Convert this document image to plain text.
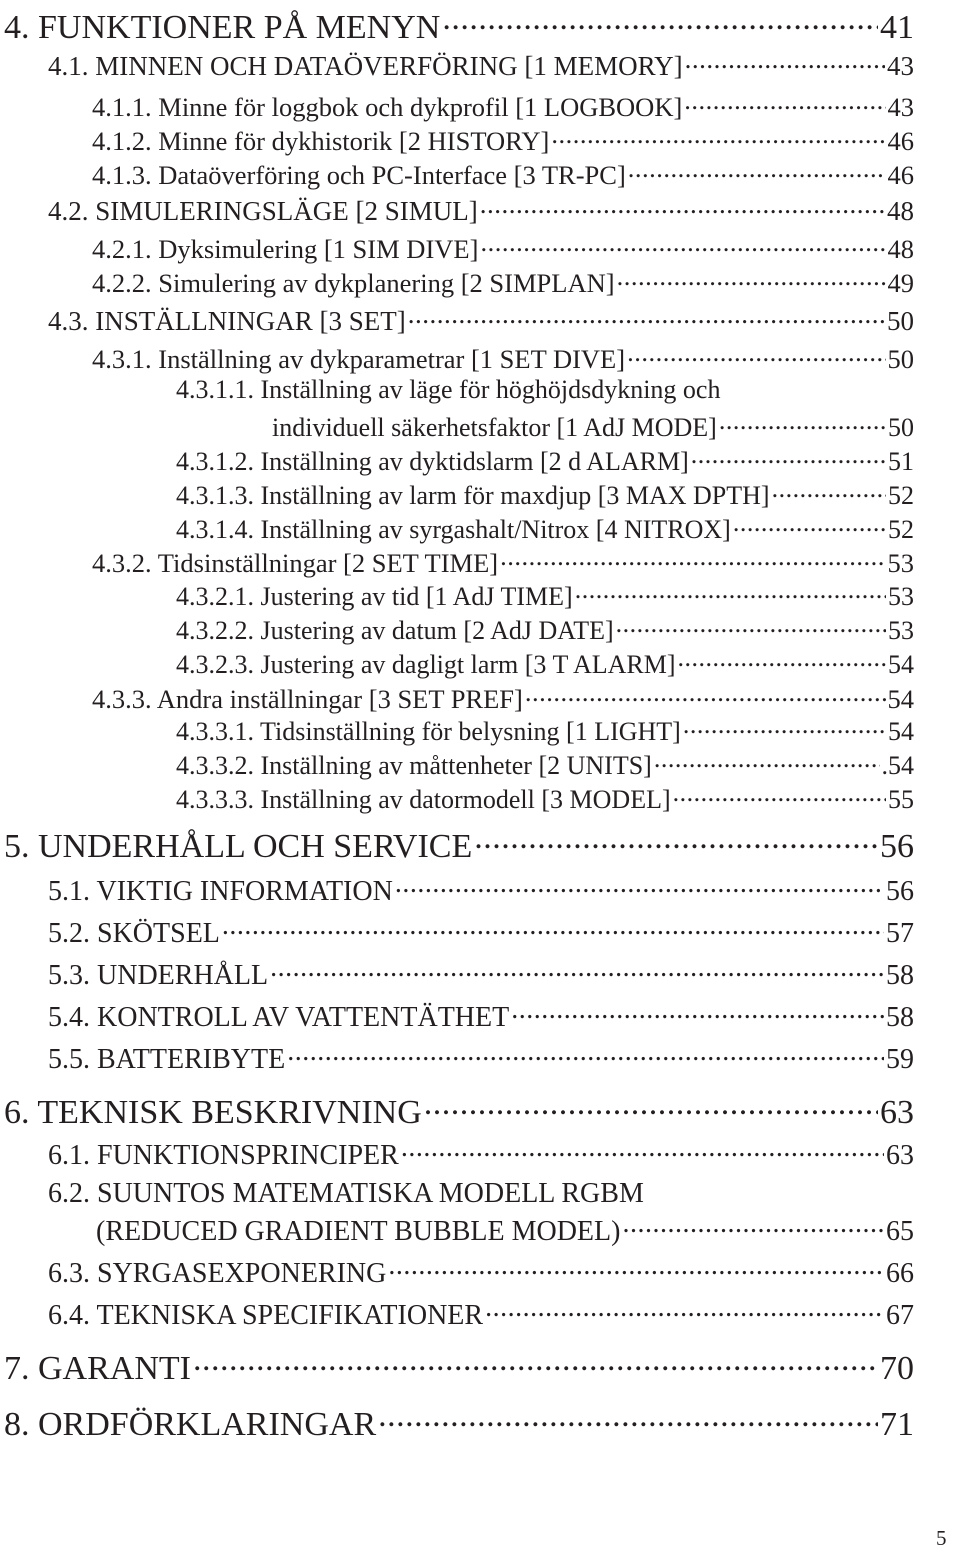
4. FUNKTIONER PÅ MENYN .....	41
4.1. MINNEN OCH DATAÖVERFÖRING [1 MEMORY] .....	43
4.1.1. Minne för loggbok och dykprofil [1 LOGBOOK] .....	43
4.1.2. Minne för dykhistorik [2 HISTORY] .....	46
4.1.3. Dataöverföring och PC-Interface [3 TR-PC] .....	46
4.2. SIMULERINGSLÄGE [2 SIMUL] .....	48
4.2.1. Dyksimulering [1 SIM DIVE] .....	48
4.2.2. Simulering av dykplanering [2 SIMPLAN] .....	49
4.3. INSTÄLLNINGAR [3 SET] .....	50
4.3.1. Inställning av dykparametrar [1 SET DIVE] .....	50
4.3.1.1. Inställning av läge för höghöjdsdykning och
individuell säkerhetsfaktor [1 AdJ MODE] .....	50
4.3.1.2. Inställning av dyktidslarm [2 d ALARM] .....	51
4.3.1.3. Inställning av larm för maxdjup [3 MAX DPTH] .....	52
4.3.1.4. Inställning av syrgashalt/Nitrox [4 NITROX] .....	52
4.3.2. Tidsinställningar [2 SET TIME] .....	53
4.3.2.1. Justering av tid [1 AdJ TIME] .....	53
4.3.2.2. Justering av datum [2 AdJ DATE] .....	53
4.3.2.3. Justering av dagligt larm [3 T ALARM] .....	54
4.3.3. Andra inställningar [3 SET PREF] .....	54
4.3.3.1. Tidsinställning för belysning [1 LIGHT] .....	54
4.3.3.2. Inställning av måttenheter [2 UNITS] .....	.54
4.3.3.3. Inställning av datormodell [3 MODEL] .....	55
5. UNDERHÅLL OCH SERVICE .....	56
5.1. VIKTIG INFORMATION .....	56
5.2. SKÖTSEL .....	57
5.3. UNDERHÅLL .....	58
5.4. KONTROLL AV VATTENTÄTHET .....	58
5.5. BATTERIBYTE .....	59
6. TEKNISK BESKRIVNING .....	63
6.1. FUNKTIONSPRINCIPER .....	63
6.2. SUUNTOS MATEMATISKA MODELL RGBM
(REDUCED GRADIENT BUBBLE MODEL) .....	65
6.3. SYRGASEXPONERING .....	66
6.4. TEKNISKA SPECIFIKATIONER .....	67
7. GARANTI .....	70
8. ORDFÖRKLARINGAR .....	71
5
